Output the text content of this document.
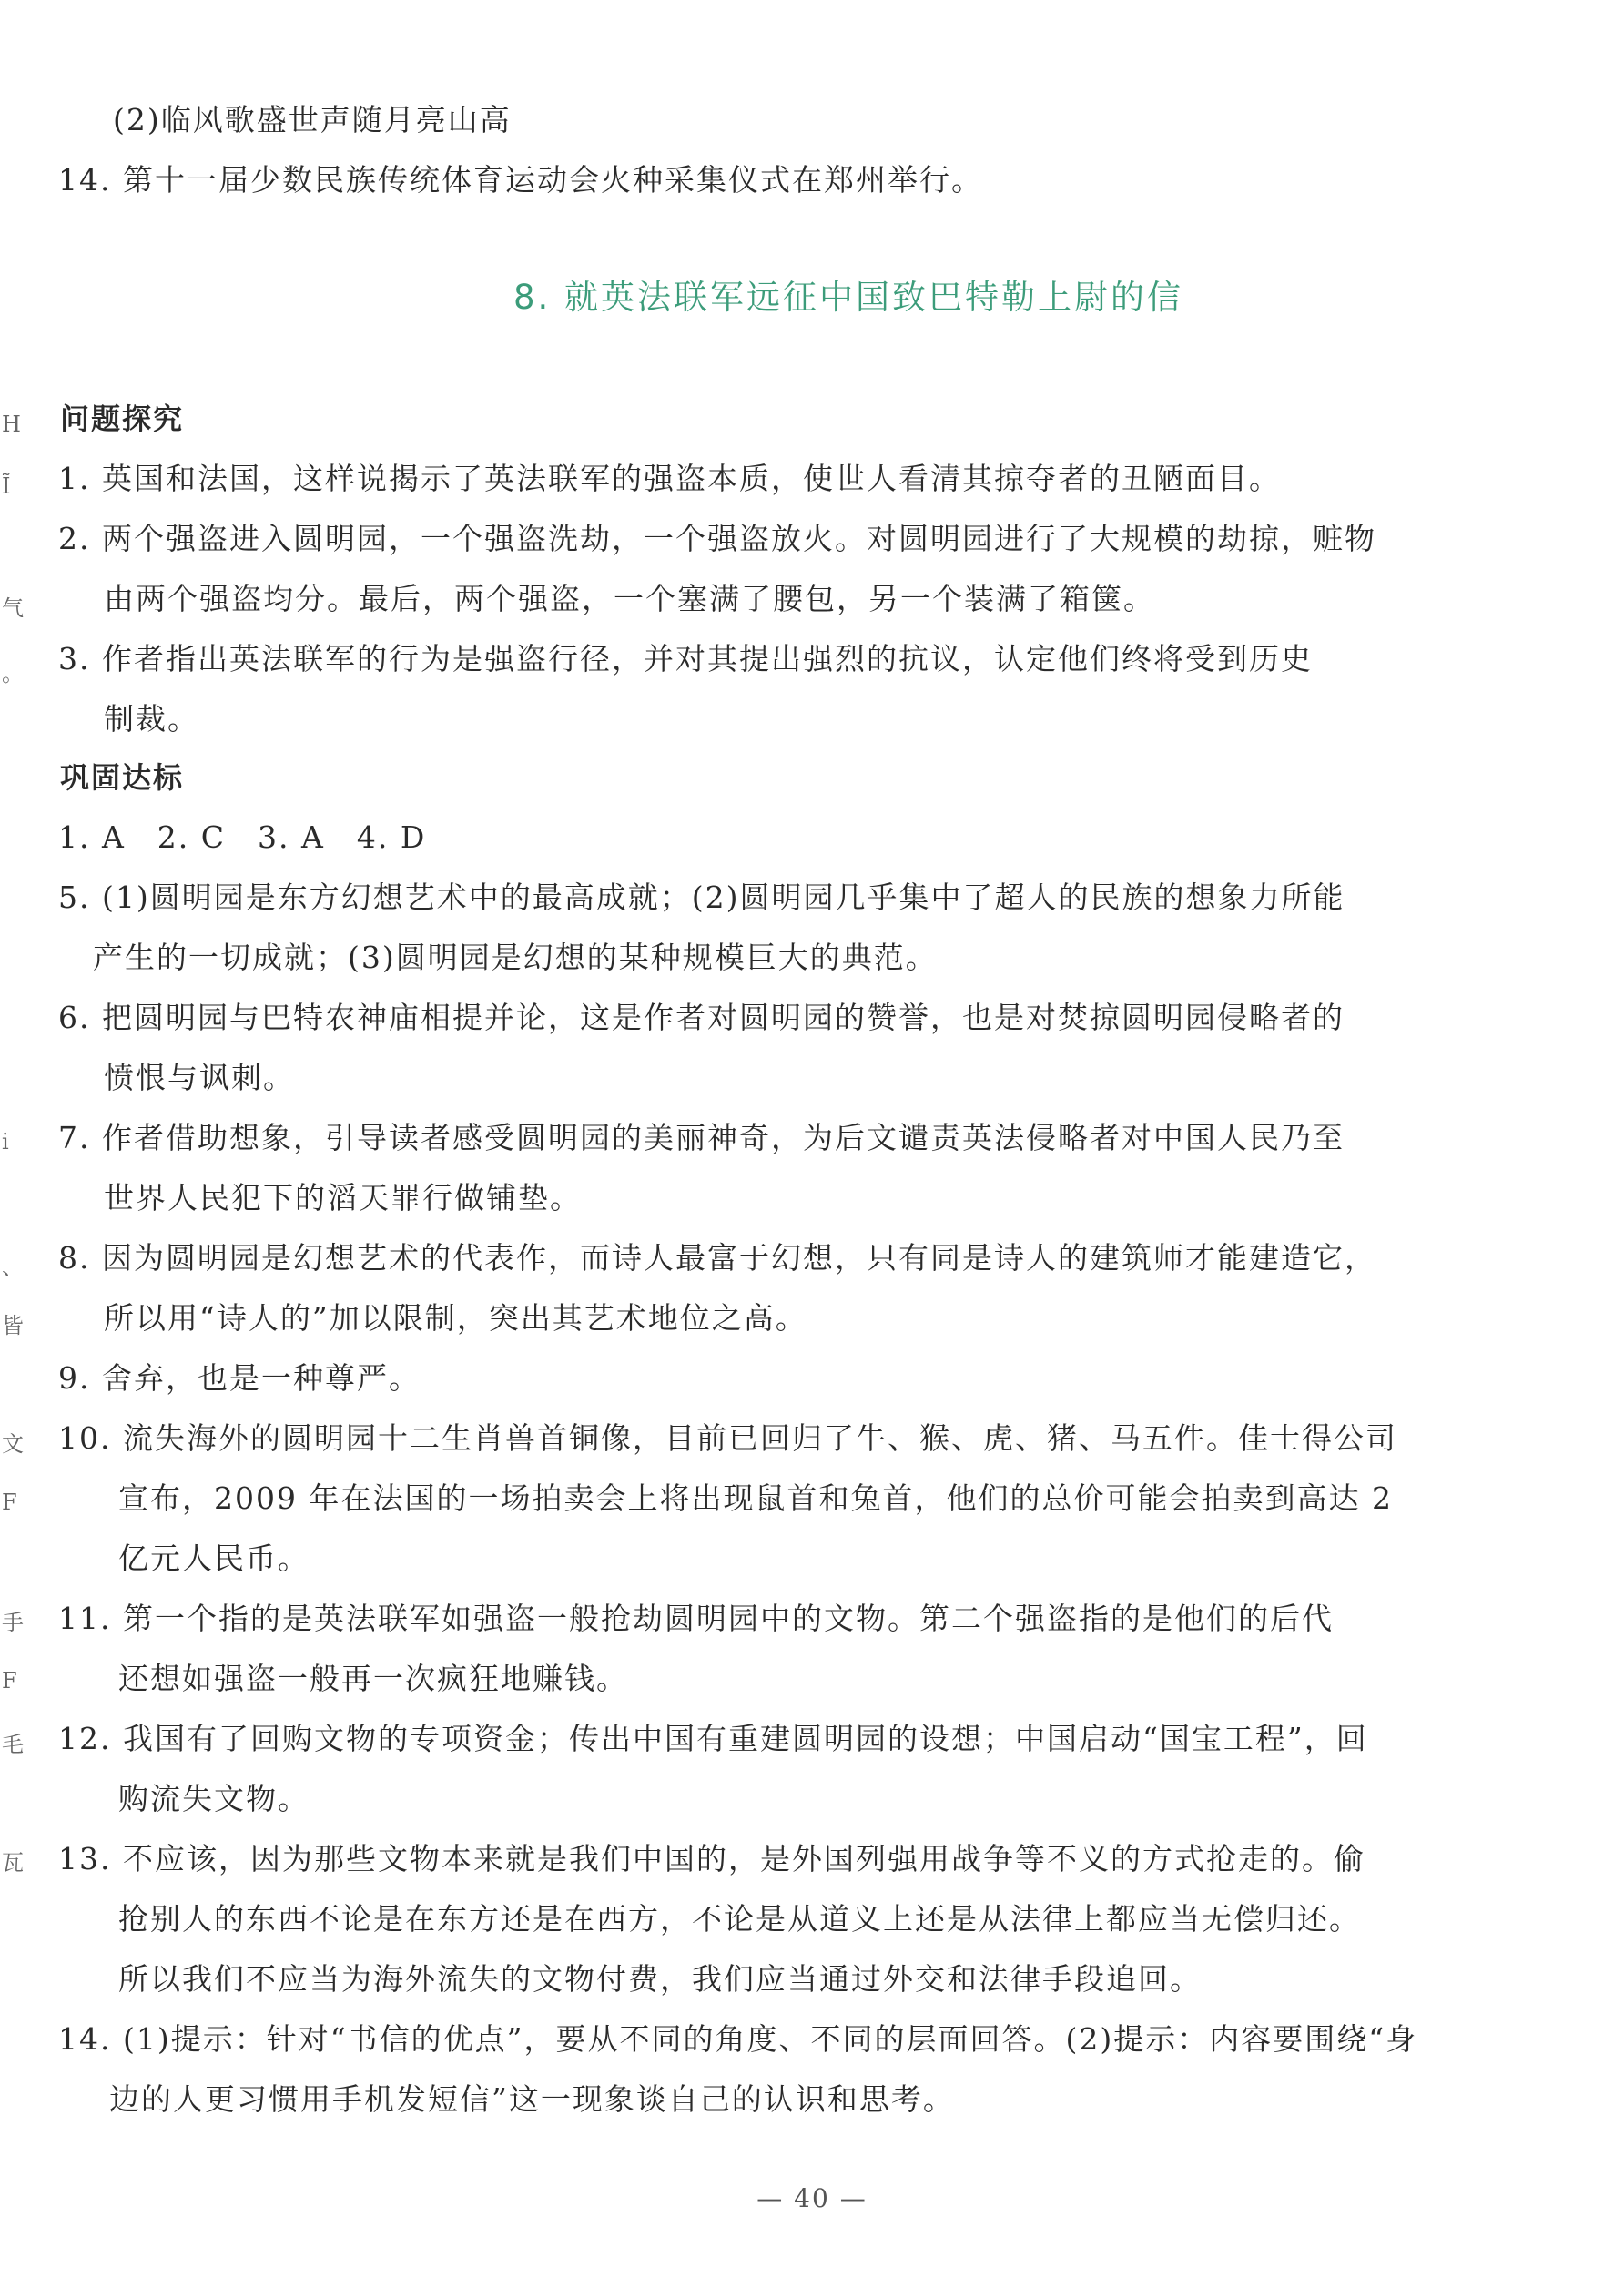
(2)临风歌盛世声随月亮山高
14. 第十一届少数民族传统体育运动会火种采集仪式在郑州举行。
8. 就英法联军远征中国致巴特勒上尉的信
问题探究
1. 英国和法国，这样说揭示了英法联军的强盗本质，使世人看清其掠夺者的丑陋面目。
2. 两个强盗进入圆明园，一个强盗洗劫，一个强盗放火。对圆明园进行了大规模的劫掠，赃物
由两个强盗均分。最后，两个强盗，一个塞满了腰包，另一个装满了箱箧。
3. 作者指出英法联军的行为是强盗行径，并对其提出强烈的抗议，认定他们终将受到历史
制裁。
巩固达标
1. A　2. C　3. A　4. D
5. (1)圆明园是东方幻想艺术中的最高成就；(2)圆明园几乎集中了超人的民族的想象力所能
产生的一切成就；(3)圆明园是幻想的某种规模巨大的典范。
6. 把圆明园与巴特农神庙相提并论，这是作者对圆明园的赞誉，也是对焚掠圆明园侵略者的
愤恨与讽刺。
7. 作者借助想象，引导读者感受圆明园的美丽神奇，为后文谴责英法侵略者对中国人民乃至
世界人民犯下的滔天罪行做铺垫。
8. 因为圆明园是幻想艺术的代表作，而诗人最富于幻想，只有同是诗人的建筑师才能建造它，
所以用“诗人的”加以限制，突出其艺术地位之高。
9. 舍弃，也是一种尊严。
10. 流失海外的圆明园十二生肖兽首铜像，目前已回归了牛、猴、虎、猪、马五件。佳士得公司
宣布，2009 年在法国的一场拍卖会上将出现鼠首和兔首，他们的总价可能会拍卖到高达 2
亿元人民币。
11. 第一个指的是英法联军如强盗一般抢劫圆明园中的文物。第二个强盗指的是他们的后代
还想如强盗一般再一次疯狂地赚钱。
12. 我国有了回购文物的专项资金；传出中国有重建圆明园的设想；中国启动“国宝工程”，回
购流失文物。
13. 不应该，因为那些文物本来就是我们中国的，是外国列强用战争等不义的方式抢走的。偷
抢别人的东西不论是在东方还是在西方，不论是从道义上还是从法律上都应当无偿归还。
所以我们不应当为海外流失的文物付费，我们应当通过外交和法律手段追回。
14. (1)提示：针对“书信的优点”，要从不同的角度、不同的层面回答。(2)提示：内容要围绕“身
边的人更习惯用手机发短信”这一现象谈自己的认识和思考。
— 40 —
H
Ĩ
气
。
i
、
皆
文
F
手
F
毛
瓦
